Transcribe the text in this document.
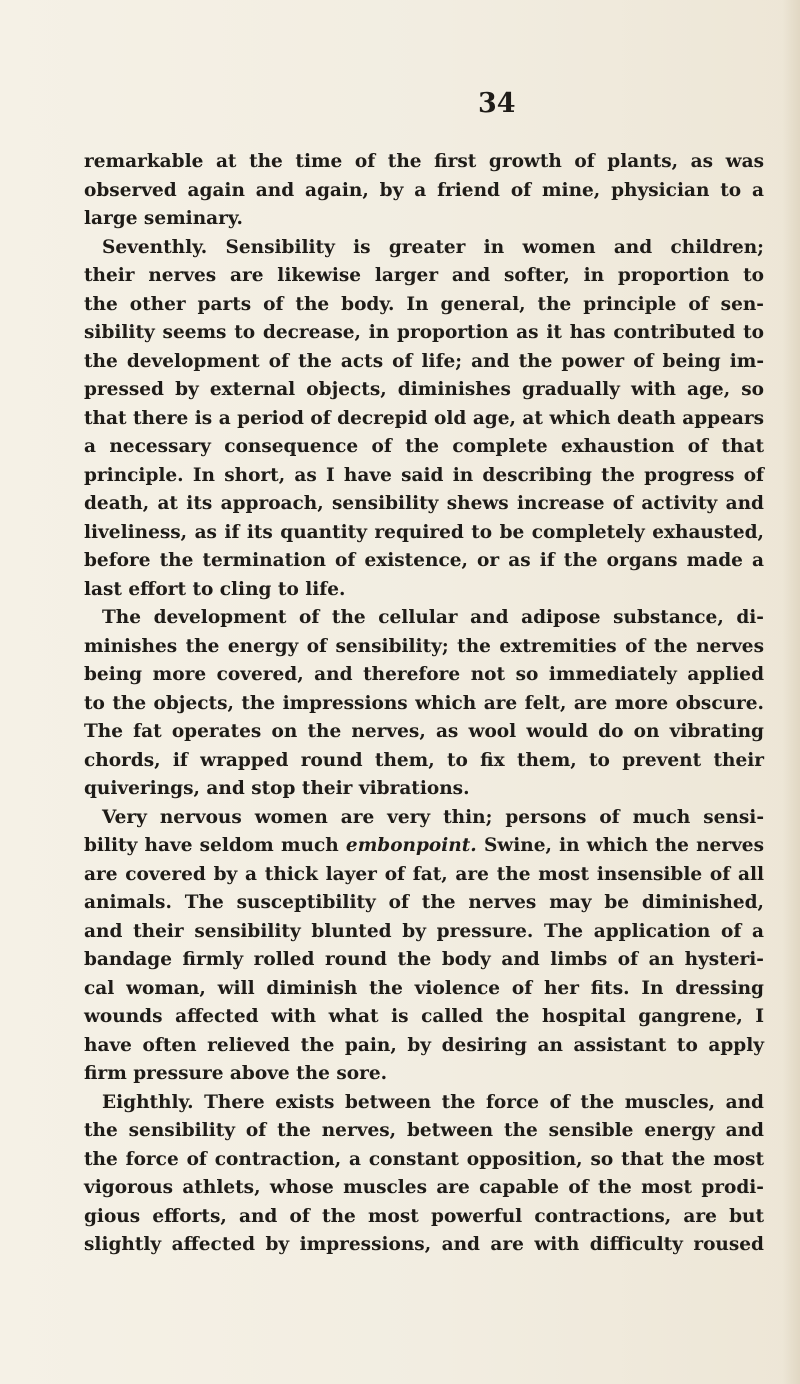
34
remarkable at the time of the first growth of plants, as was
observed again and again, by a friend of mine, physician to a
large seminary.
Seventhly. Sensibility is greater in women and children;
their nerves are likewise larger and softer, in proportion to
the other parts of the body. In general, the principle of sen-
sibility seems to decrease, in proportion as it has contributed to
the development of the acts of life; and the power of being im-
pressed by external objects, diminishes gradually with age, so
that there is a period of decrepid old age, at which death appears
a necessary consequence of the complete exhaustion of that
principle. In short, as I have said in describing the progress of
death, at its approach, sensibility shews increase of activity and
liveliness, as if its quantity required to be completely exhausted,
before the termination of existence, or as if the organs made a
last effort to cling to life.
The development of the cellular and adipose substance, di-
minishes the energy of sensibility; the extremities of the nerves
being more covered, and therefore not so immediately applied
to the objects, the impressions which are felt, are more obscure.
The fat operates on the nerves, as wool would do on vibrating
chords, if wrapped round them, to fix them, to prevent their
quiverings, and stop their vibrations.
Very nervous women are very thin; persons of much sensi-
bility have seldom much embonpoint. Swine, in which the nerves
are covered by a thick layer of fat, are the most insensible of all
animals. The susceptibility of the nerves may be diminished,
and their sensibility blunted by pressure. The application of a
bandage firmly rolled round the body and limbs of an hysteri-
cal woman, will diminish the violence of her fits. In dressing
wounds affected with what is called the hospital gangrene, I
have often relieved the pain, by desiring an assistant to apply
firm pressure above the sore.
Eighthly. There exists between the force of the muscles, and
the sensibility of the nerves, between the sensible energy and
the force of contraction, a constant opposition, so that the most
vigorous athlets, whose muscles are capable of the most prodi-
gious efforts, and of the most powerful contractions, are but
slightly affected by impressions, and are with difficulty roused
